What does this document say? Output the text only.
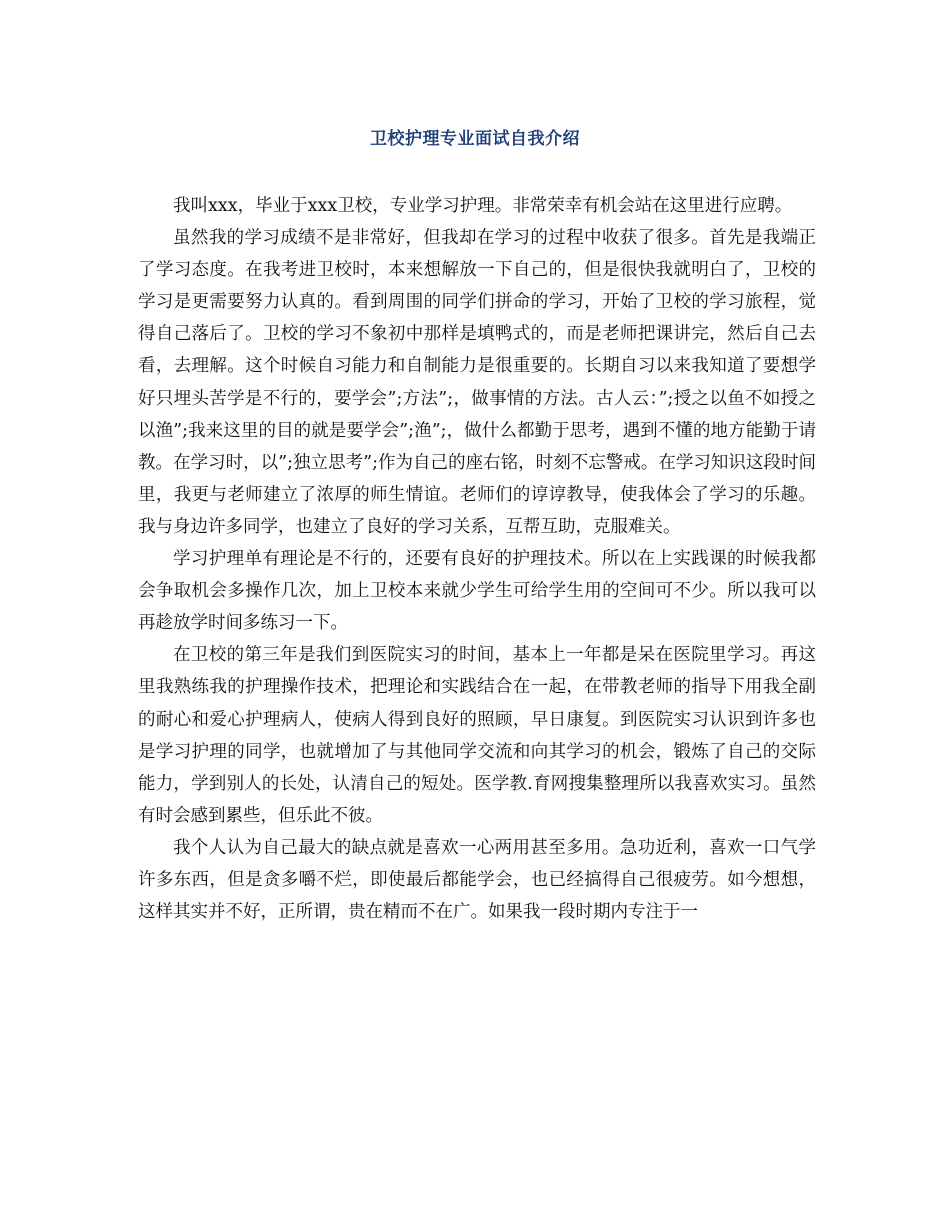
卫校护理专业面试自我介绍

我叫xxx，毕业于xxx卫校，专业学习护理。非常荣幸有机会站在这里进行应聘。

虽然我的学习成绩不是非常好，但我却在学习的过程中收获了很多。首先是我端正了学习态度。在我考进卫校时，本来想解放一下自己的，但是很快我就明白了，卫校的学习是更需要努力认真的。看到周围的同学们拼命的学习，开始了卫校的学习旅程，觉得自己落后了。卫校的学习不象初中那样是填鸭式的，而是老师把课讲完，然后自己去看，去理解。这个时候自习能力和自制能力是很重要的。长期自习以来我知道了要想学好只埋头苦学是不行的，要学会”;方法”;，做事情的方法。古人云：”;授之以鱼不如授之以渔”;我来这里的目的就是要学会”;渔”;，做什么都勤于思考，遇到不懂的地方能勤于请教。在学习时，以”;独立思考”;作为自己的座右铭，时刻不忘警戒。在学习知识这段时间里，我更与老师建立了浓厚的师生情谊。老师们的谆谆教导，使我体会了学习的乐趣。我与身边许多同学，也建立了良好的学习关系，互帮互助，克服难关。

学习护理单有理论是不行的，还要有良好的护理技术。所以在上实践课的时候我都会争取机会多操作几次，加上卫校本来就少学生可给学生用的空间可不少。所以我可以再趁放学时间多练习一下。

在卫校的第三年是我们到医院实习的时间，基本上一年都是呆在医院里学习。再这里我熟练我的护理操作技术，把理论和实践结合在一起，在带教老师的指导下用我全副的耐心和爱心护理病人，使病人得到良好的照顾，早日康复。到医院实习认识到许多也是学习护理的同学，也就增加了与其他同学交流和向其学习的机会，锻炼了自己的交际能力，学到别人的长处，认清自己的短处。医学教.育网搜集整理所以我喜欢实习。虽然有时会感到累些，但乐此不彼。

我个人认为自己最大的缺点就是喜欢一心两用甚至多用。急功近利，喜欢一口气学许多东西，但是贪多嚼不烂，即使最后都能学会，也已经搞得自己很疲劳。如今想想，这样其实并不好，正所谓，贵在精而不在广。如果我一段时期内专注于一
